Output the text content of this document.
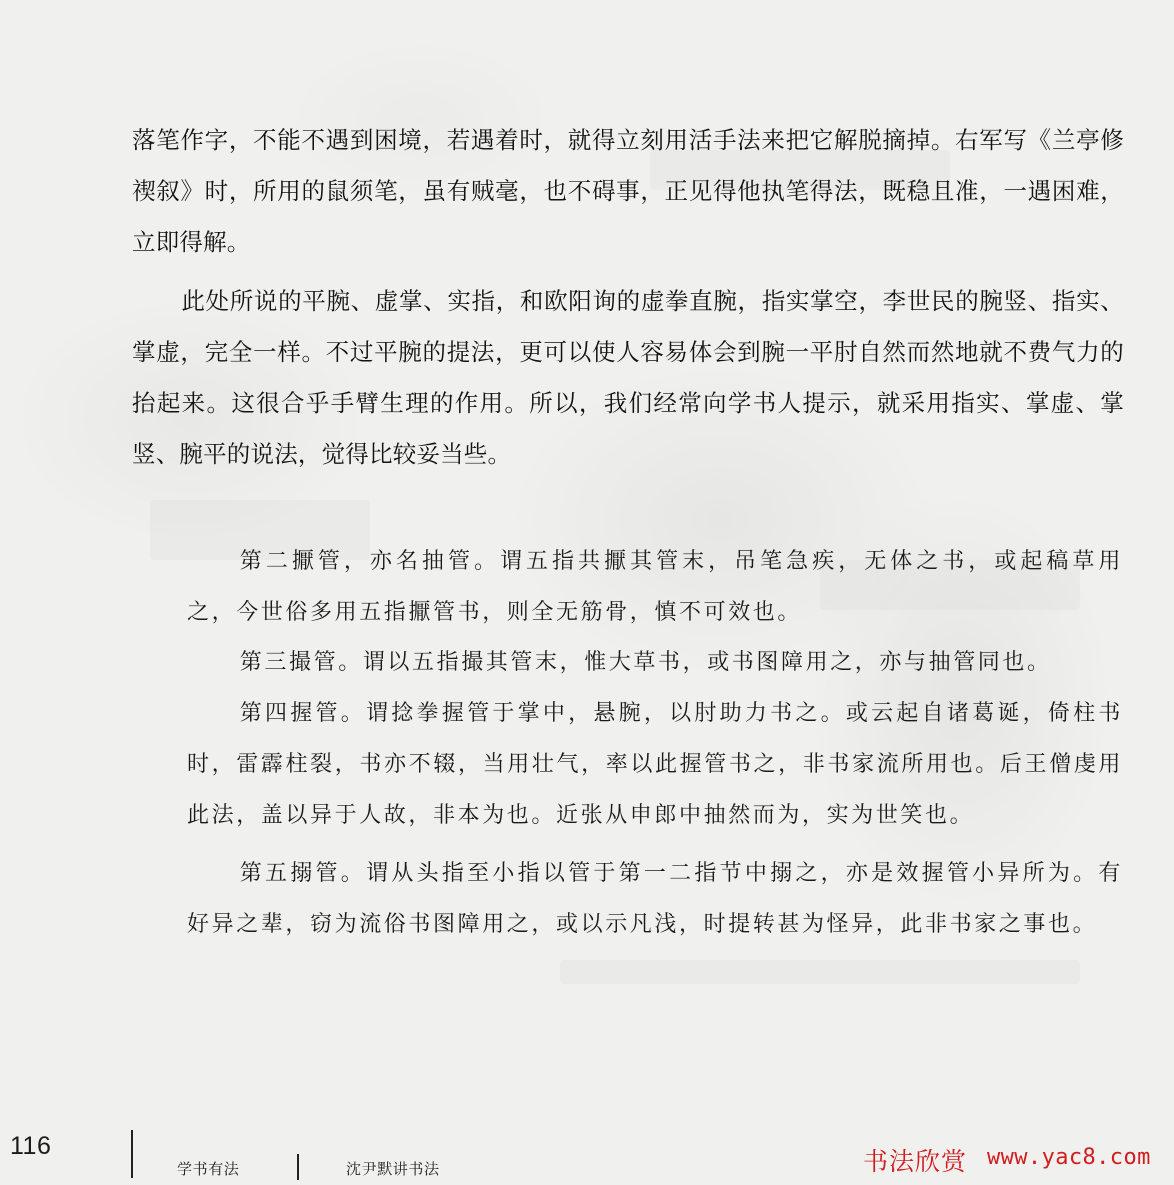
落笔作字，不能不遇到困境，若遇着时，就得立刻用活手法来把它解脱摘掉。右军写《兰亭修禊叙》时，所用的鼠须笔，虽有贼毫，也不碍事，正见得他执笔得法，既稳且准，一遇困难，立即得解。

此处所说的平腕、虚掌、实指，和欧阳询的虚拳直腕，指实掌空，李世民的腕竖、指实、掌虚，完全一样。不过平腕的提法，更可以使人容易体会到腕一平肘自然而然地就不费气力的抬起来。这很合乎手臂生理的作用。所以，我们经常向学书人提示，就采用指实、掌虚、掌竖、腕平的说法，觉得比较妥当些。

第二擫管，亦名抽管。谓五指共擫其管末，吊笔急疾，无体之书，或起稿草用之，今世俗多用五指擫管书，则全无筋骨，慎不可效也。

第三撮管。谓以五指撮其管末，惟大草书，或书图障用之，亦与抽管同也。

第四握管。谓捻拳握管于掌中，悬腕，以肘助力书之。或云起自诸葛诞，倚柱书时，雷霹柱裂，书亦不辍，当用壮气，率以此握管书之，非书家流所用也。后王僧虔用此法，盖以异于人故，非本为也。近张从申郎中抽然而为，实为世笑也。

第五搦管。谓从头指至小指以管于第一二指节中搦之，亦是效握管小异所为。有好异之辈，窃为流俗书图障用之，或以示凡浅，时提转甚为怪异，此非书家之事也。

116
学书有法	沈尹默讲书法	书法欣赏 www.yac8.com
